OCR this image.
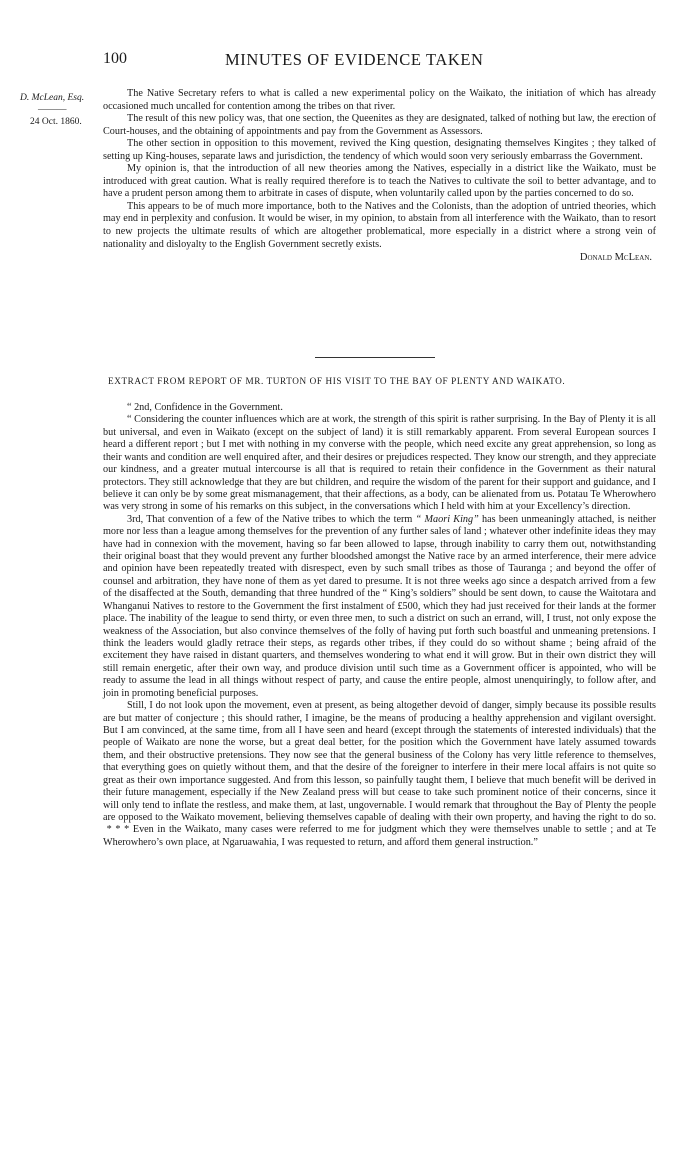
100	MINUTES OF EVIDENCE TAKEN
D. McLean, Esq.
———
24 Oct. 1860.

The Native Secretary refers to what is called a new experimental policy on the Waikato, the initiation of which has already occasioned much uncalled for contention among the tribes on that river.

The result of this new policy was, that one section, the Queenites as they are designated, talked of nothing but law, the erection of Court-houses, and the obtaining of appointments and pay from the Government as Assessors.

The other section in opposition to this movement, revived the King question, designating themselves Kingites ; they talked of setting up King-houses, separate laws and jurisdiction, the tendency of which would soon very seriously embarrass the Government.

My opinion is, that the introduction of all new theories among the Natives, especially in a district like the Waikato, must be introduced with great caution. What is really required therefore is to teach the Natives to cultivate the soil to better advantage, and to have a prudent person among them to arbitrate in cases of dispute, when voluntarily called upon by the parties concerned to do so.

This appears to be of much more importance, both to the Natives and the Colonists, than the adoption of untried theories, which may end in perplexity and confusion. It would be wiser, in my opinion, to abstain from all interference with the Waikato, than to resort to new projects the ultimate results of which are altogether problematical, more especially in a district where a strong vein of nationality and disloyalty to the English Government secretly exists.

Donald McLean.
EXTRACT FROM REPORT OF MR. TURTON OF HIS VISIT TO THE BAY OF PLENTY AND WAIKATO.

“ 2nd, Confidence in the Government.

“ Considering the counter influences which are at work, the strength of this spirit is rather surprising. In the Bay of Plenty it is all but universal, and even in Waikato (except on the subject of land) it is still remarkably apparent. From several European sources I heard a different report ; but I met with nothing in my converse with the people, which need excite any great apprehension, so long as their wants and condition are well enquired after, and their desires or prejudices respected. They know our strength, and they appreciate our kindness, and a greater mutual intercourse is all that is required to retain their confidence in the Government as their natural protectors. They still acknowledge that they are but children, and require the wisdom of the parent for their support and guidance, and I believe it can only be by some great mismanagement, that their affections, as a body, can be alienated from us. Potatau Te Wherowhero was very strong in some of his remarks on this subject, in the conversations which I held with him at your Excellency’s direction.

3rd, That convention of a few of the Native tribes to which the term “ Maori King” has been unmeaningly attached, is neither more nor less than a league among themselves for the prevention of any further sales of land ; whatever other indefinite ideas they may have had in connexion with the movement, having so far been allowed to lapse, through inability to carry them out, notwithstanding their original boast that they would prevent any further bloodshed amongst the Native race by an armed interference, their mere advice and opinion have been repeatedly treated with disrespect, even by such small tribes as those of Tauranga ; and beyond the offer of counsel and arbitration, they have none of them as yet dared to presume. It is not three weeks ago since a despatch arrived from a few of the disaffected at the South, demanding that three hundred of the “ King’s soldiers” should be sent down, to cause the Waitotara and Whanganui Natives to restore to the Government the first instalment of £500, which they had just received for their lands at the former place. The inability of the league to send thirty, or even three men, to such a district on such an errand, will, I trust, not only expose the weakness of the Association, but also convince themselves of the folly of having put forth such boastful and unmeaning pretensions. I think the leaders would gladly retrace their steps, as regards other tribes, if they could do so without shame ; being afraid of the excitement they have raised in distant quarters, and themselves wondering to what end it will grow. But in their own district they will still remain energetic, after their own way, and produce division until such time as a Government officer is appointed, who will be ready to assume the lead in all things without respect of party, and cause the entire people, almost unenquiringly, to follow after, and join in promoting beneficial purposes.

Still, I do not look upon the movement, even at present, as being altogether devoid of danger, simply because its possible results are but matter of conjecture ; this should rather, I imagine, be the means of producing a healthy apprehension and vigilant oversight. But I am convinced, at the same time, from all I have seen and heard (except through the statements of interested individuals) that the people of Waikato are none the worse, but a great deal better, for the position which the Government have lately assumed towards them, and their obstructive pretensions. They now see that the general business of the Colony has very little reference to themselves, that everything goes on quietly without them, and that the desire of the foreigner to interfere in their mere local affairs is not quite so great as their own importance suggested. And from this lesson, so painfully taught them, I believe that much benefit will be derived in their future management, especially if the New Zealand press will but cease to take such prominent notice of their concerns, since it will only tend to inflate the restless, and make them, at last, ungovernable. I would remark that throughout the Bay of Plenty the people are opposed to the Waikato movement, believing themselves capable of dealing with their own property, and having the right to do so. * * * Even in the Waikato, many cases were referred to me for judgment which they were themselves unable to settle ; and at Te Wherowhero’s own place, at Ngaruawahia, I was requested to return, and afford them general instruction.”
